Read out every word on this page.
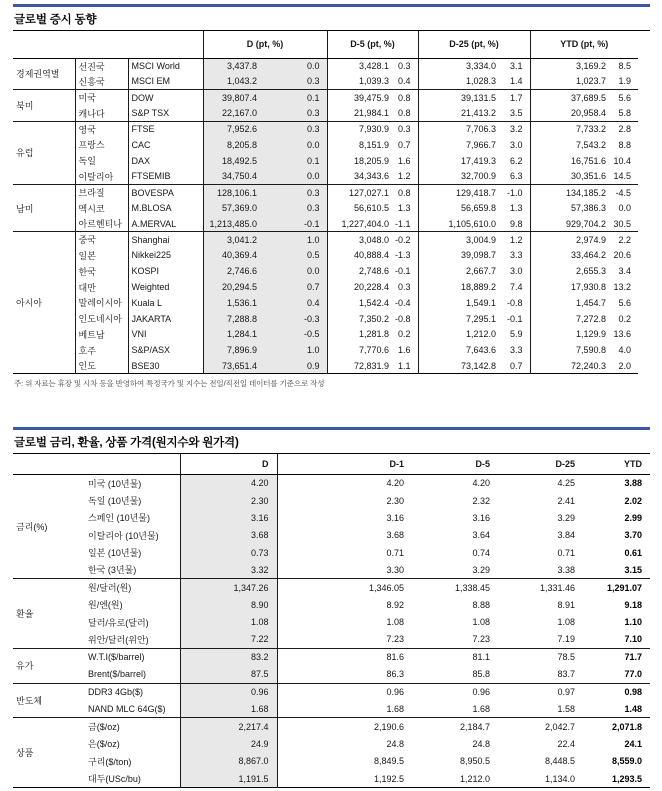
글로벌 증시 동향
			D (pt, %)		D-5 (pt, %)		D-25 (pt, %)		YTD (pt, %)	
경제권역별	선진국	MSCI World	3,437.8	0.0	3,428.1	0.3	3,334.0	3.1	3,169.2	8.5
	신흥국	MSCI EM	1,043.2	0.3	1,039.3	0.4	1,028.3	1.4	1,023.7	1.9
북미	미국	DOW	39,807.4	0.1	39,475.9	0.8	39,131.5	1.7	37,689.5	5.6
	캐나다	S&P TSX	22,167.0	0.3	21,984.1	0.8	21,413.2	3.5	20,958.4	5.8
유럽	영국	FTSE	7,952.6	0.3	7,930.9	0.3	7,706.3	3.2	7,733.2	2.8
	프랑스	CAC	8,205.8	0.0	8,151.9	0.7	7,966.7	3.0	7,543.2	8.8
	독일	DAX	18,492.5	0.1	18,205.9	1.6	17,419.3	6.2	16,751.6	10.4
	이탈리아	FTSEMIB	34,750.4	0.0	34,343.6	1.2	32,700.9	6.3	30,351.6	14.5
남미	브라질	BOVESPA	128,106.1	0.3	127,027.1	0.8	129,418.7	-1.0	134,185.2	-4.5
	멕시코	M.BLOSA	57,369.0	0.3	56,610.5	1.3	56,659.8	1.3	57,386.3	0.0
	아르헨티나	A.MERVAL	1,213,485.0	-0.1	1,227,404.0	-1.1	1,105,610.0	9.8	929,704.2	30.5
아시아	중국	Shanghai	3,041.2	1.0	3,048.0	-0.2	3,004.9	1.2	2,974.9	2.2
	일본	Nikkei225	40,369.4	0.5	40,888.4	-1.3	39,098.7	3.3	33,464.2	20.6
	한국	KOSPI	2,746.6	0.0	2,748.6	-0.1	2,667.7	3.0	2,655.3	3.4
	대만	Weighted	20,294.5	0.7	20,228.4	0.3	18,889.2	7.4	17,930.8	13.2
	말레이시아	Kuala L	1,536.1	0.4	1,542.4	-0.4	1,549.1	-0.8	1,454.7	5.6
	인도네시아	JAKARTA	7,288.8	-0.3	7,350.2	-0.8	7,295.1	-0.1	7,272.8	0.2
	베트남	VNI	1,284.1	-0.5	1,281.8	0.2	1,212.0	5.9	1,129.9	13.6
	호주	S&P/ASX	7,896.9	1.0	7,770.6	1.6	7,643.6	3.3	7,590.8	4.0
	인도	BSE30	73,651.4	0.9	72,831.9	1.1	73,142.8	0.7	72,240.3	2.0
주: 위 자료는 휴장 및 시차 등을 반영하여 특정국가 및 지수는 전일/직전일 데이터를 기준으로 작성
글로벌 금리, 환율, 상품 가격(원지수와 원가격)
		D	D-1	D-5	D-25	YTD
금리(%)	미국 (10년물)	4.20	4.20	4.20	4.25	3.88
	독일 (10년물)	2.30	2.30	2.32	2.41	2.02
	스페인 (10년물)	3.16	3.16	3.16	3.29	2.99
	이탈리아 (10년물)	3.68	3.68	3.64	3.84	3.70
	일본 (10년물)	0.73	0.71	0.74	0.71	0.61
	한국 (3년물)	3.32	3.30	3.29	3.38	3.15
환율	원/달러(원)	1,347.26	1,346.05	1,338.45	1,331.46	1,291.07
	원/엔(원)	8.90	8.92	8.88	8.91	9.18
	달러/유로(달러)	1.08	1.08	1.08	1.08	1.10
	위안/달러(위안)	7.22	7.23	7.23	7.19	7.10
유가	W.T.I($/barrel)	83.2	81.6	81.1	78.5	71.7
	Brent($/barrel)	87.5	86.3	85.8	83.7	77.0
반도체	DDR3 4Gb($)	0.96	0.96	0.96	0.97	0.98
	NAND MLC 64G($)	1.68	1.68	1.68	1.58	1.48
상품	금($/oz)	2,217.4	2,190.6	2,184.7	2,042.7	2,071.8
	은($/oz)	24.9	24.8	24.8	22.4	24.1
	구리($/ton)	8,867.0	8,849.5	8,950.5	8,448.5	8,559.0
	대두(USc/bu)	1,191.5	1,192.5	1,212.0	1,134.0	1,293.5
